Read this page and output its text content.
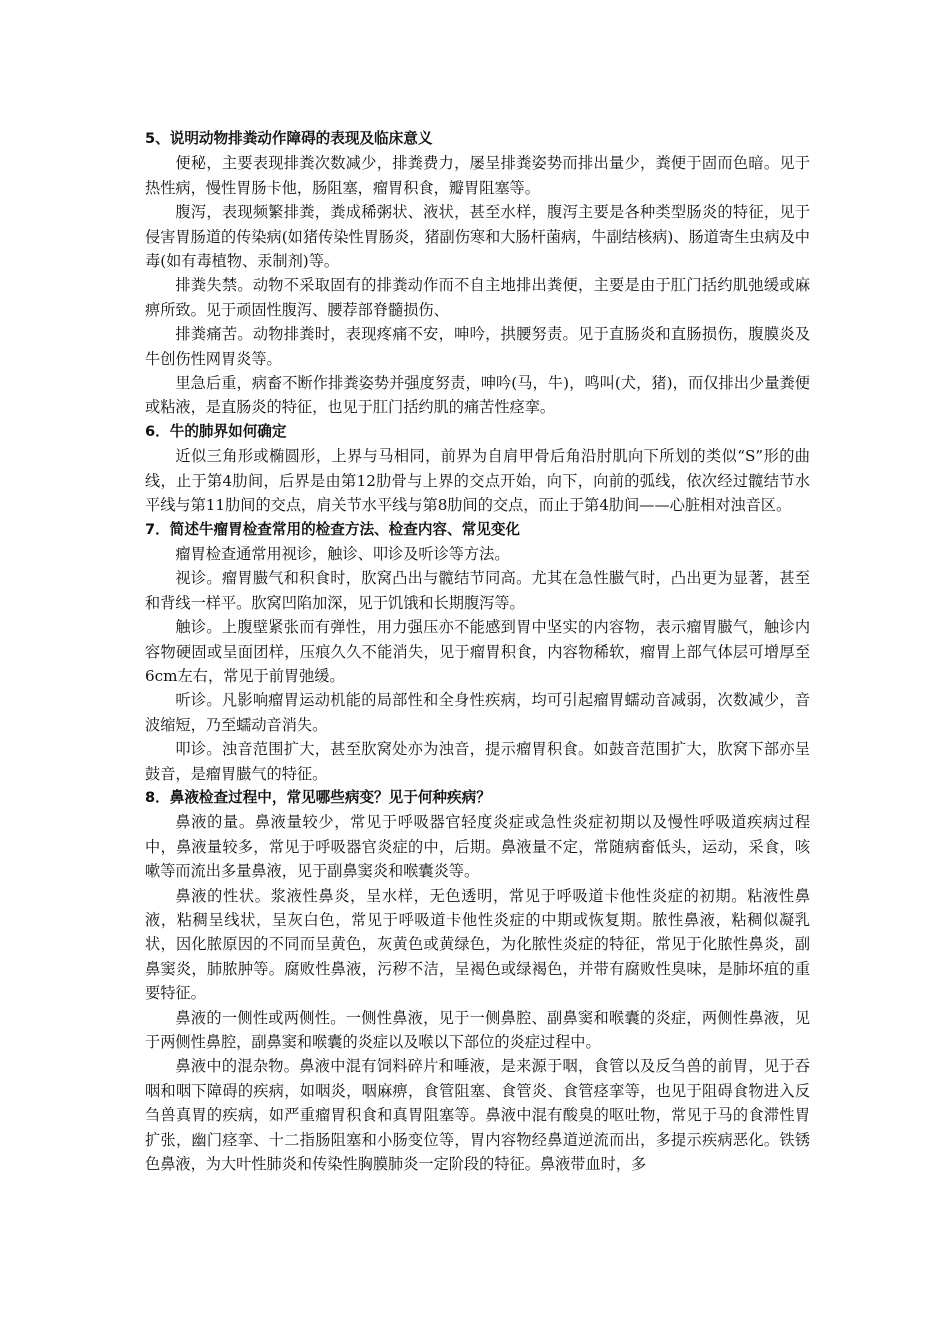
5、说明动物排粪动作障碍的表现及临床意义

便秘，主要表现排粪次数减少，排粪费力，屡呈排粪姿势而排出量少，粪便于固而色暗。见于热性病，慢性胃肠卡他，肠阻塞，瘤胃积食，瓣胃阻塞等。

腹泻，表现频繁排粪，粪成稀粥状、液状，甚至水样，腹泻主要是各种类型肠炎的特征，见于侵害胃肠道的传染病(如猪传染性胃肠炎，猪副伤寒和大肠杆菌病，牛副结核病)、肠道寄生虫病及中毒(如有毒植物、汞制剂)等。

排粪失禁。动物不采取固有的排粪动作而不自主地排出粪便，主要是由于肛门括约肌弛缓或麻痹所致。见于顽固性腹泻、腰荐部脊髓损伤、

排粪痛苦。动物排粪时，表现疼痛不安，呻吟，拱腰努责。见于直肠炎和直肠损伤，腹膜炎及牛创伤性网胃炎等。

里急后重，病畜不断作排粪姿势并强度努责，呻吟(马，牛)，鸣叫(犬，猪)，而仅排出少量粪便或粘液，是直肠炎的特征，也见于肛门括约肌的痛苦性痉挛。

6．牛的肺界如何确定

近似三角形或椭圆形，上界与马相同，前界为自肩甲骨后角沿肘肌向下所划的类似“S”形的曲线，止于第4肋间，后界是由第12肋骨与上界的交点开始，向下，向前的弧线，依次经过髋结节水平线与第11肋间的交点，肩关节水平线与第8肋间的交点，而止于第4肋间——心脏相对浊音区。

7．简述牛瘤胃检查常用的检查方法、检查内容、常见变化

瘤胃检查通常用视诊，触诊、叩诊及听诊等方法。

视诊。瘤胃臌气和积食时，肷窝凸出与髋结节同高。尤其在急性臌气时，凸出更为显著，甚至和背线一样平。肷窝凹陷加深，见于饥饿和长期腹泻等。

触诊。上腹壁紧张而有弹性，用力强压亦不能感到胃中坚实的内容物，表示瘤胃臌气，触诊内容物硬固或呈面团样，压痕久久不能消失，见于瘤胃积食，内容物稀软，瘤胃上部气体层可增厚至6cm左右，常见于前胃弛缓。

听诊。凡影响瘤胃运动机能的局部性和全身性疾病，均可引起瘤胃蠕动音减弱，次数减少，音波缩短，乃至蠕动音消失。

叩诊。浊音范围扩大，甚至肷窝处亦为浊音，提示瘤胃积食。如鼓音范围扩大，肷窝下部亦呈鼓音，是瘤胃臌气的特征。

8．鼻液检查过程中，常见哪些病变？见于何种疾病？

鼻液的量。鼻液量较少，常见于呼吸器官轻度炎症或急性炎症初期以及慢性呼吸道疾病过程中，鼻液量较多，常见于呼吸器官炎症的中，后期。鼻液量不定，常随病畜低头，运动，采食，咳嗽等而流出多量鼻液，见于副鼻窦炎和喉囊炎等。

鼻液的性状。浆液性鼻炎，呈水样，无色透明，常见于呼吸道卡他性炎症的初期。粘液性鼻液，粘稠呈线状，呈灰白色，常见于呼吸道卡他性炎症的中期或恢复期。脓性鼻液，粘稠似凝乳状，因化脓原因的不同而呈黄色，灰黄色或黄绿色，为化脓性炎症的特征，常见于化脓性鼻炎，副鼻窦炎，肺脓肿等。腐败性鼻液，污秽不洁，呈褐色或绿褐色，并带有腐败性臭味，是肺坏疽的重要特征。

鼻液的一侧性或两侧性。一侧性鼻液，见于一侧鼻腔、副鼻窦和喉囊的炎症，两侧性鼻液，见于两侧性鼻腔，副鼻窦和喉囊的炎症以及喉以下部位的炎症过程中。

鼻液中的混杂物。鼻液中混有饲料碎片和唾液，是来源于咽，食管以及反刍兽的前胃，见于吞咽和咽下障碍的疾病，如咽炎，咽麻痹，食管阻塞、食管炎、食管痉挛等，也见于阻碍食物进入反刍兽真胃的疾病，如严重瘤胃积食和真胃阻塞等。鼻液中混有酸臭的呕吐物，常见于马的食滞性胃扩张，幽门痉挛、十二指肠阻塞和小肠变位等，胃内容物经鼻道逆流而出，多提示疾病恶化。铁锈色鼻液，为大叶性肺炎和传染性胸膜肺炎一定阶段的特征。鼻液带血时，多
